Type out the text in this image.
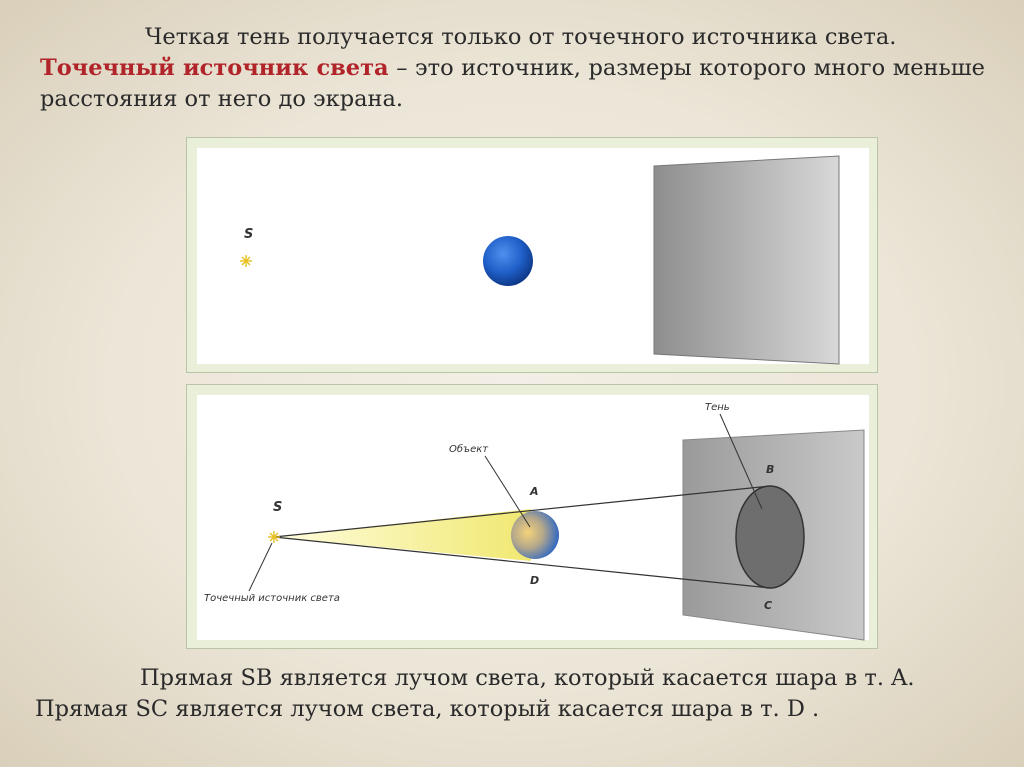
Четкая тень получается только от точечного источника света.
Точечный источник света – это источник, размеры которого много меньше расстояния от него до экрана.
S
S
Точечный источник света
Объект
Тень
A
B
C
D
Прямая SB является лучом света, который касается шара в т. A.
Прямая SC является лучом света, который касается шара в т. D .
